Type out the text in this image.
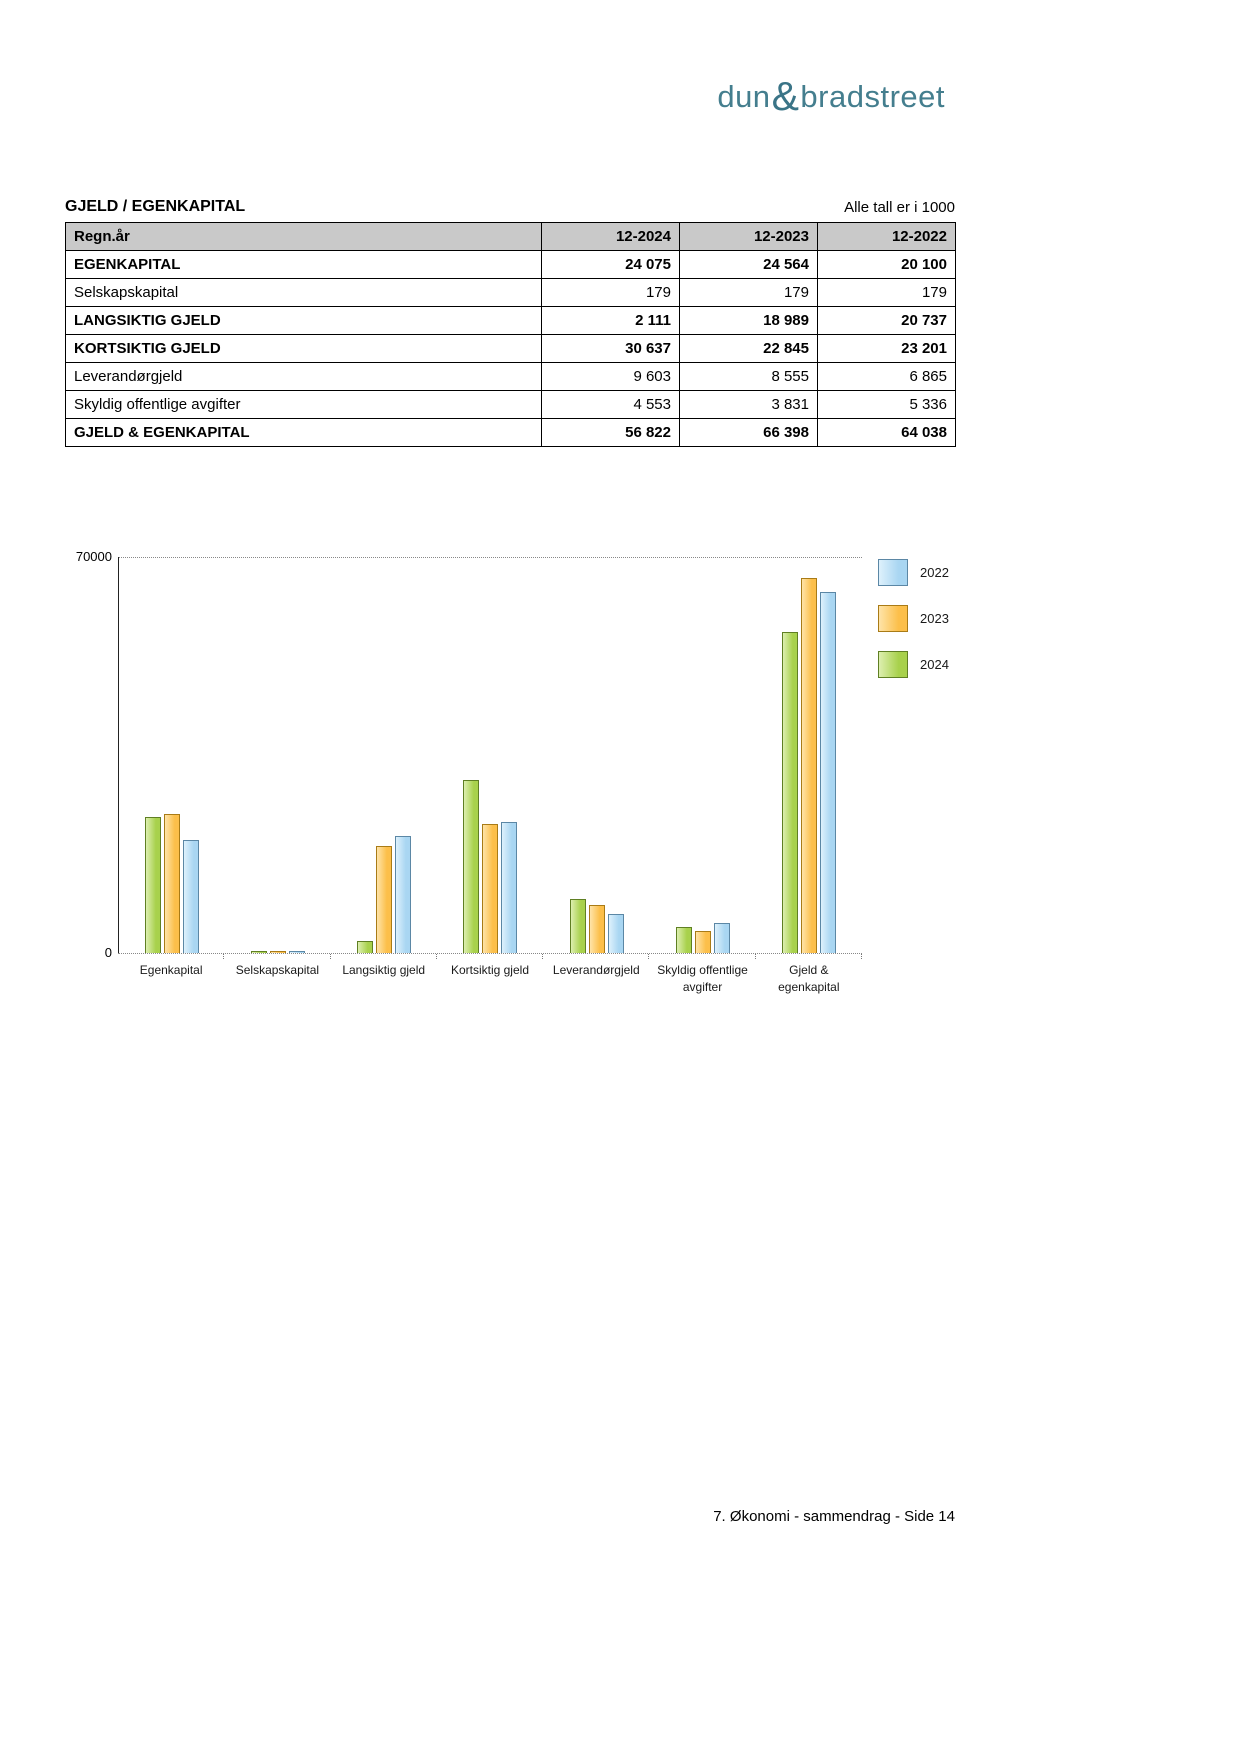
dun&bradstreet
GJELD / EGENKAPITAL	Alle tall er i 1000
Regn.år	12-2024	12-2023	12-2022
EGENKAPITAL	24 075	24 564	20 100
Selskapskapital	179	179	179
LANGSIKTIG GJELD	2 111	18 989	20 737
KORTSIKTIG GJELD	30 637	22 845	23 201
Leverandørgjeld	9 603	8 555	6 865
Skyldig offentlige avgifter	4 553	3 831	5 336
GJELD & EGENKAPITAL	56 822	66 398	64 038
70000
0
Egenkapital	Selskapskapital	Langsiktig gjeld	Kortsiktig gjeld	Leverandørgjeld	Skyldig offentlige avgifter
Gjeld & egenkapital
2022
2023
2024
7. Økonomi - sammendrag - Side 14
